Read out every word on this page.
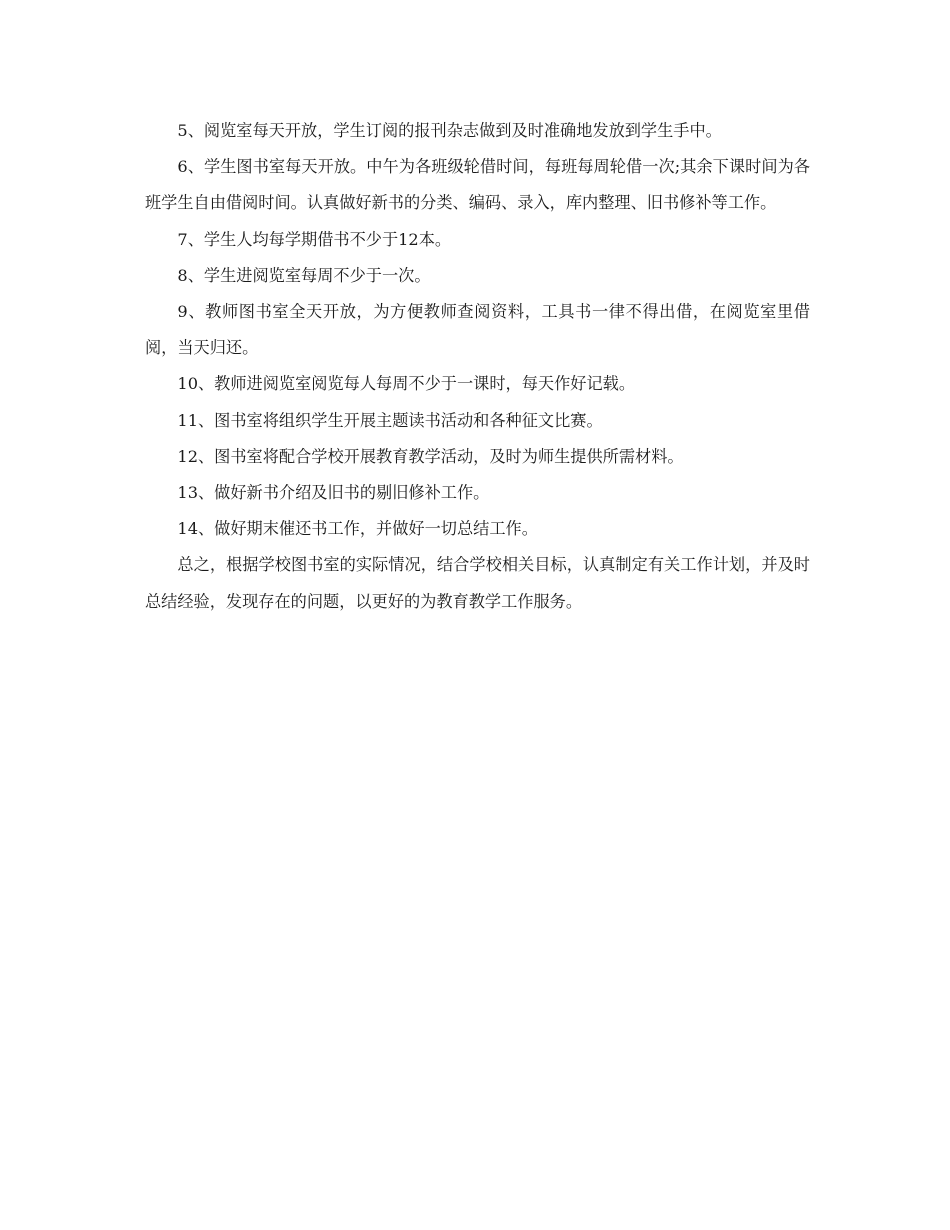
5、阅览室每天开放，学生订阅的报刊杂志做到及时准确地发放到学生手中。

6、学生图书室每天开放。中午为各班级轮借时间，每班每周轮借一次;其余下课时间为各班学生自由借阅时间。认真做好新书的分类、编码、录入，库内整理、旧书修补等工作。

7、学生人均每学期借书不少于12本。

8、学生进阅览室每周不少于一次。

9、教师图书室全天开放，为方便教师查阅资料，工具书一律不得出借，在阅览室里借阅，当天归还。

10、教师进阅览室阅览每人每周不少于一课时，每天作好记载。

11、图书室将组织学生开展主题读书活动和各种征文比赛。

12、图书室将配合学校开展教育教学活动，及时为师生提供所需材料。

13、做好新书介绍及旧书的剔旧修补工作。

14、做好期末催还书工作，并做好一切总结工作。

总之，根据学校图书室的实际情况，结合学校相关目标，认真制定有关工作计划，并及时总结经验，发现存在的问题，以更好的为教育教学工作服务。
